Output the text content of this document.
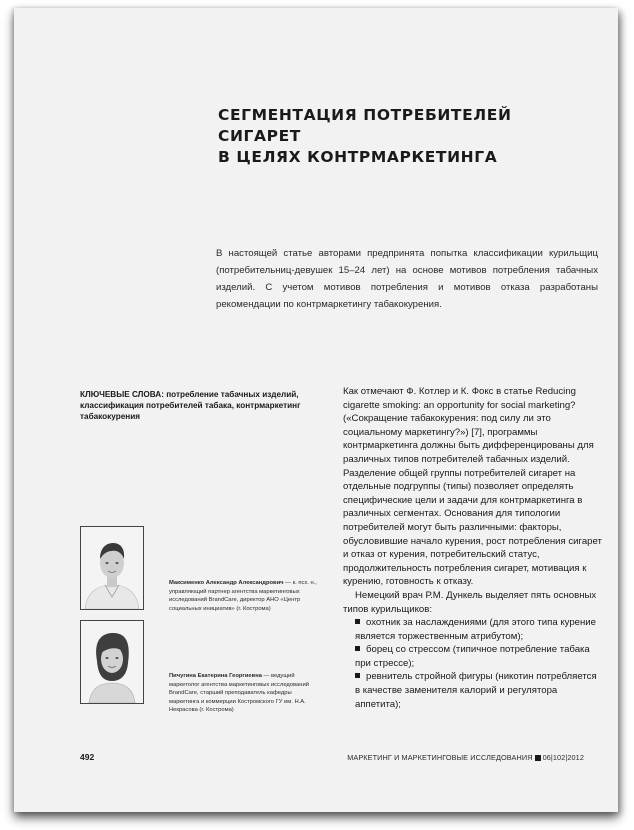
СЕГМЕНТАЦИЯ ПОТРЕБИТЕЛЕЙ СИГАРЕТ
В ЦЕЛЯХ КОНТРМАРКЕТИНГА
В настоящей статье авторами предпринята попытка классификации курильщиц (потребительниц-девушек 15–24 лет) на основе мотивов потребления табачных изделий. С учетом мотивов потребления и мотивов отказа разработаны рекомендации по контрмаркетингу табакокурения.
КЛЮЧЕВЫЕ СЛОВА: потребление табачных изделий, классификация потребителей табака, контрмаркетинг табакокурения
Максименко Александр Александрович — к. псх. н., управляющий партнер агентства маркетинговых исследований BrandCare, директор АНО «Центр социальных инициатив» (г. Кострома)
Пичугина Екатерина Георгиевна — ведущий маркетолог агентства маркетинговых исследований BrandCare, старший преподаватель кафедры маркетинга и коммерции Костромского ГУ им. Н.А. Некрасова (г. Кострома)

Как отмечают Ф. Котлер и К. Фокс в статье Reducing cigarette smoking: an opportunity for social marketing? («Сокращение табакокурения: под силу ли это социальному маркетингу?») [7], программы контрмаркетинга должны быть дифференцированы для различных типов потребителей табачных изделий. Разделение общей группы потребителей сигарет на отдельные подгруппы (типы) позволяет определять специфические цели и задачи для контрмаркетинга в различных сегментах. Основания для типологии потребителей могут быть различными: факторы, обусловившие начало курения, рост потребления сигарет и отказ от курения, потребительский статус, продолжительность потребления сигарет, мотивация к курению, готовность к отказу.

Немецкий врач Р.М. Дункель выделяет пять основных типов курильщиков:

охотник за наслаждениями (для этого типа курение является торжественным атрибутом);
борец со стрессом (типичное потребление табака при стрессе);
ревнитель стройной фигуры (никотин потребляется в качестве заменителя калорий и регулятора аппетита);
492	МАРКЕТИНГ И МАРКЕТИНГОВЫЕ ИССЛЕДОВАНИЯ 06|102|2012
